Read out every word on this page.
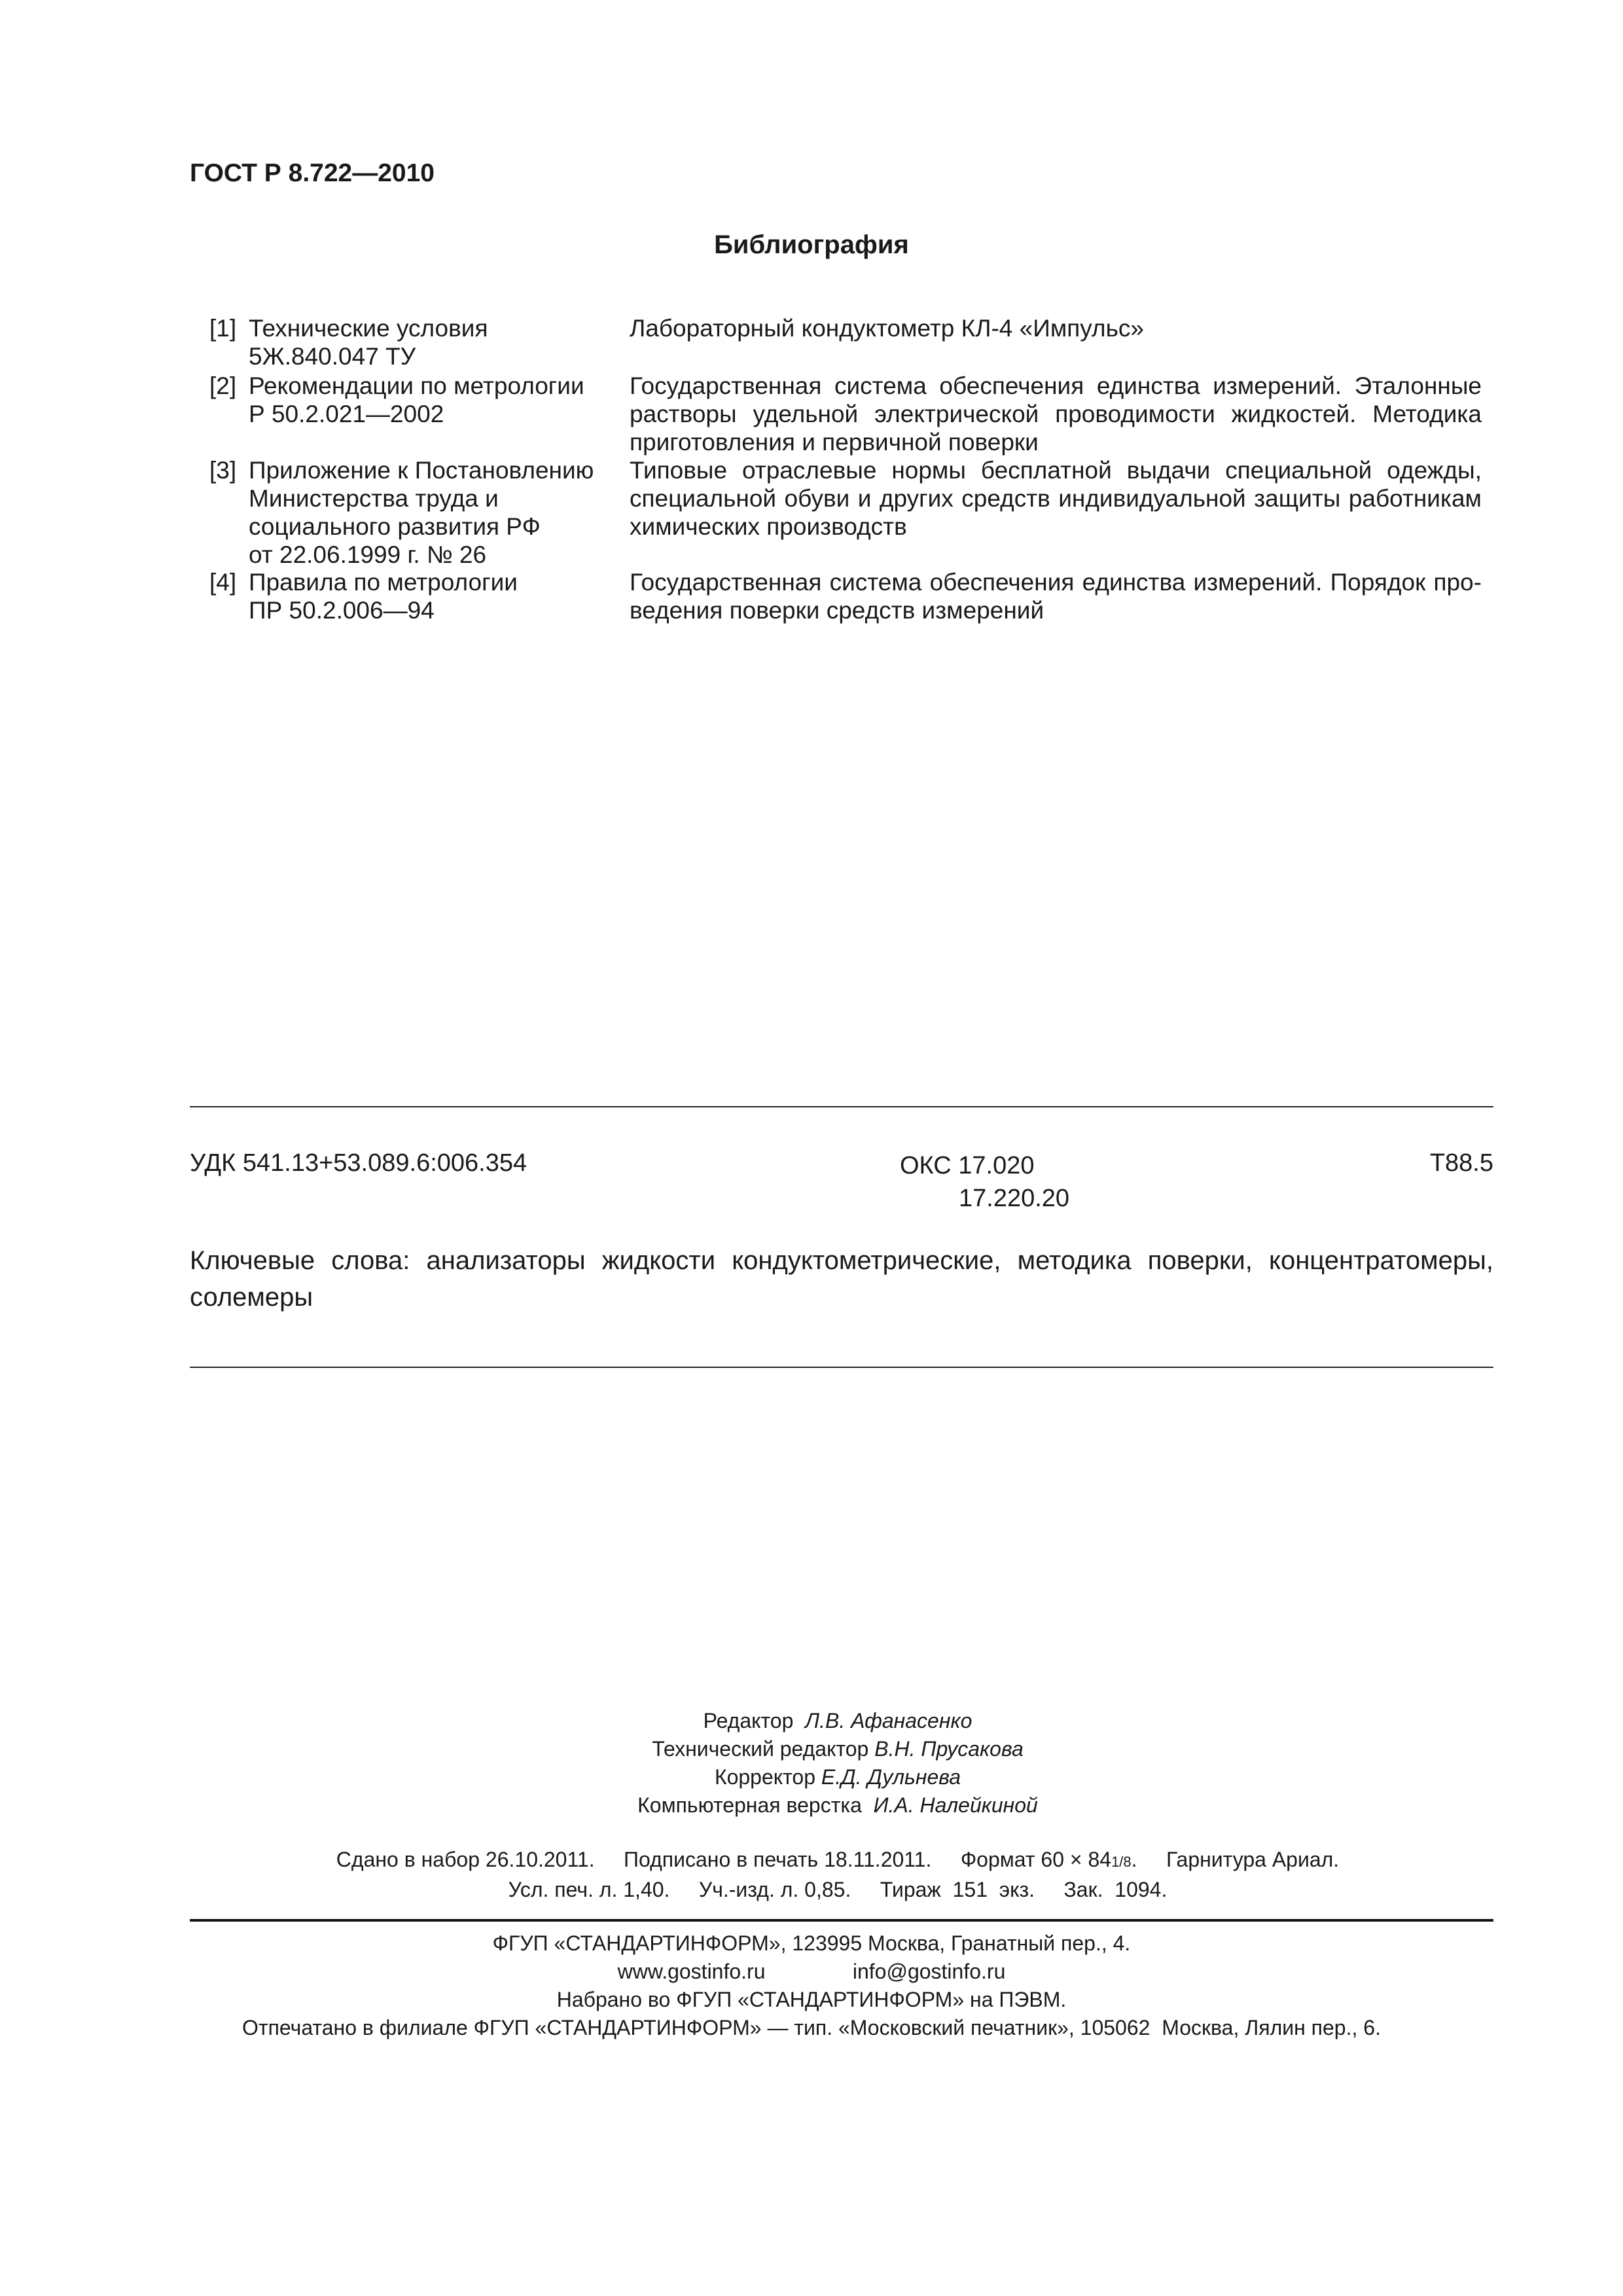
ГОСТ Р 8.722—2010
Библиография
[1] Технические условия
5Ж.840.047 ТУ
Лабораторный кондуктометр КЛ-4 «Импульс»
[2] Рекомендации по метрологии
Р 50.2.021—2002
Государственная система обеспечения единства измерений. Эталонные
растворы удельной электрической проводимости жидкостей. Методика
приготовления и первичной поверки
[3] Приложение к Постановлению
Министерства труда и
социального развития РФ
от 22.06.1999 г. № 26
Типовые отраслевые нормы бесплатной выдачи специальной одежды,
специальной обуви и других средств индивидуальной защиты работникам
химических производств
[4] Правила по метрологии
ПР 50.2.006—94
Государственная система обеспечения единства измерений. Порядок про-
ведения поверки средств измерений
УДК 541.13+53.089.6:006.354	ОКС 17.020
17.220.20
Т88.5
Ключевые слова: анализаторы жидкости кондуктометрические, методика поверки, концентратомеры,
солемеры
Редактор Л.В. Афанасенко
Технический редактор В.Н. Прусакова
Корректор Е.Д. Дульнева
Компьютерная верстка И.А. Налейкиной
Сдано в набор 26.10.2011. Подписано в печать 18.11.2011. Формат 60 × 841/8.     Гарнитура Ариал.
Усл. печ. л. 1,40.     Уч.-изд. л. 0,85.     Тираж  151  экз.     Зак.  1094.
ФГУП «СТАНДАРТИНФОРМ», 123995 Москва, Гранатный пер., 4.
www.gostinfo.ru	info@gostinfo.ru
Набрано во ФГУП «СТАНДАРТИНФОРМ» на ПЭВМ.
Отпечатано в филиале ФГУП «СТАНДАРТИНФОРМ» — тип. «Московский печатник», 105062  Москва, Лялин пер., 6.
